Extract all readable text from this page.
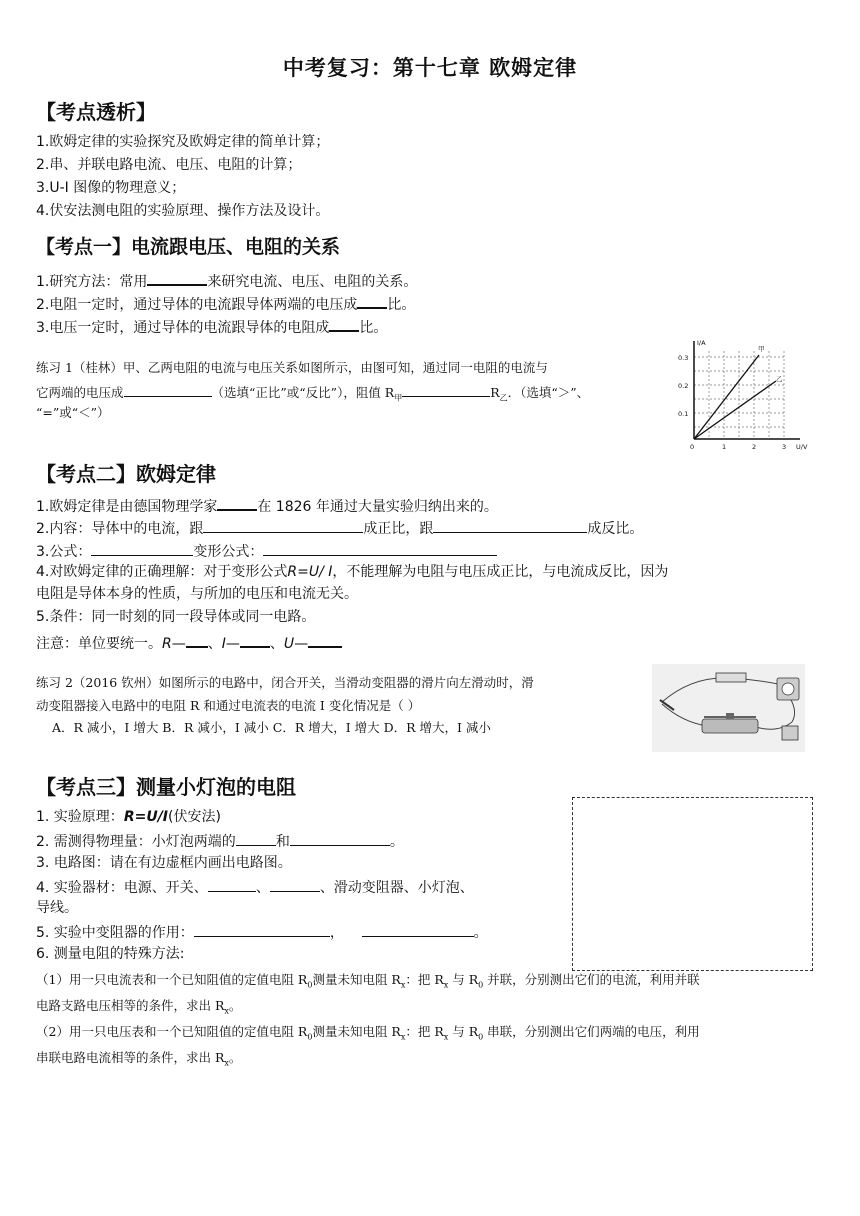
中考复习：第十七章 欧姆定律
【考点透析】
1.欧姆定律的实验探究及欧姆定律的简单计算；
2.串、并联电路电流、电压、电阻的计算；
3.U-I 图像的物理意义；
4.伏安法测电阻的实验原理、操作方法及设计。
【考点一】电流跟电压、电阻的关系
1.研究方法：常用	来研究电流、电压、电阻的关系。
2.电阻一定时，通过导体的电流跟导体两端的电压成 比。
3.电压一定时，通过导体的电流跟导体的电阻成 比。
练习 1（桂林）甲、乙两电阻的电流与电压关系如图所示，由图可知，通过同一电阻的电流与
它两端的电压成	（选填“正比”或“反比”），阻值 $R_甲$	$R_乙$．（选填“＞”、
“=”或“＜”）
I/A
0.3
0.2
0.1
0	1	2	3 U/V
甲
乙
【考点二】欧姆定律
1.欧姆定律是由德国物理学家	在 1826 年通过大量实验归纳出来的。
2.内容：导体中的电流，跟	成正比，跟	成反比。
3.公式：	变形公式：
4.对欧姆定律的正确理解：对于变形公式R=U/ I，不能理解为电阻与电压成正比，与电流成反比，因为
电阻是导体本身的性质，与所加的电压和电流无关。
5.条件：同一时刻的同一段导体或同一电路。
注意：单位要统一。R— 、I— 、U—
练习 2（2016 钦州）如图所示的电路中，闭合开关，当滑动变阻器的滑片向左滑动时，滑
动变阻器接入电路中的电阻 R 和通过电流表的电流 I 变化情况是（ ）
A．R 减小，I 增大 B．R 减小，I 减小 C．R 增大，I 增大 D．R 增大，I 减小
【考点三】测量小灯泡的电阻
1. 实验原理：R=U/I(伏安法)
2. 需测得物理量：小灯泡两端的	和	。
3. 电路图：请在有边虚框内画出电路图。
4. 实验器材：电源、开关、	、	、滑动变阻器、小灯泡、
导线。
5. 实验中变阻器的作用：	，	。
6. 测量电阻的特殊方法:
（1）用一只电流表和一个已知阻值的定值电阻 $R_0$测量未知电阻 $R_x$：把 $R_x$ 与 $R_0$ 并联，分别测出它们的电流，利用并联
电路支路电压相等的条件，求出 $R_x$。
（2）用一只电压表和一个已知阻值的定值电阻 $R_0$测量未知电阻 $R_x$：把 $R_x$ 与 $R_0$ 串联，分别测出它们两端的电压，利用
串联电路电流相等的条件，求出 $R_x$。
